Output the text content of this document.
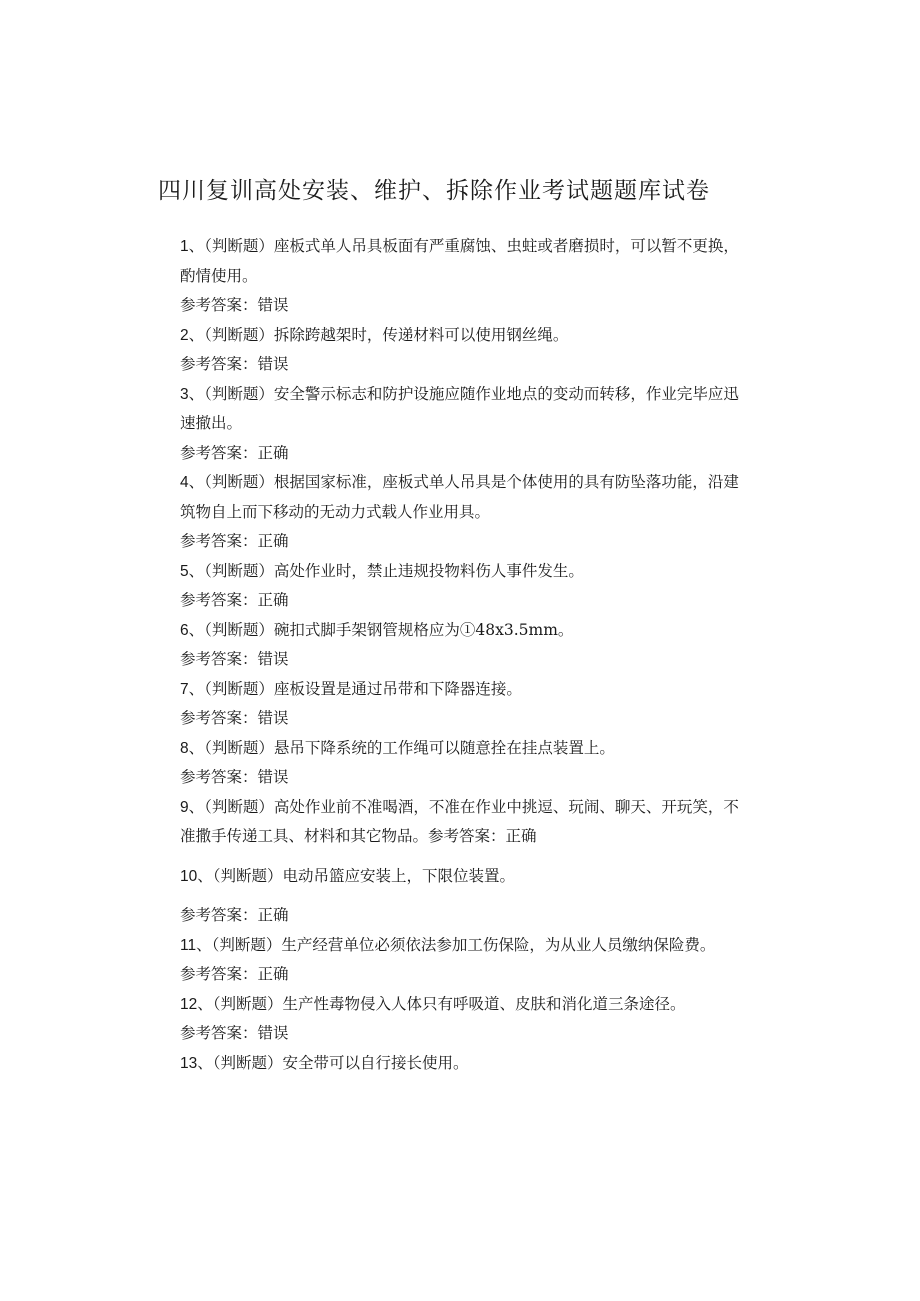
四川复训高处安装、维护、拆除作业考试题题库试卷

1、（判断题）座板式单人吊具板面有严重腐蚀、虫蛀或者磨损时，可以暂不更换，酌情使用。

参考答案：错误

2、（判断题）拆除跨越架时，传递材料可以使用钢丝绳。

参考答案：错误

3、（判断题）安全警示标志和防护设施应随作业地点的变动而转移，作业完毕应迅速撤出。

参考答案：正确

4、（判断题）根据国家标准，座板式单人吊具是个体使用的具有防坠落功能，沿建筑物自上而下移动的无动力式载人作业用具。

参考答案：正确

5、（判断题）高处作业时，禁止违规投物料伤人事件发生。

参考答案：正确

6、（判断题）碗扣式脚手架钢管规格应为①48x3.5mm。

参考答案：错误

7、（判断题）座板设置是通过吊带和下降器连接。

参考答案：错误

8、（判断题）悬吊下降系统的工作绳可以随意拴在挂点装置上。

参考答案：错误

9、（判断题）高处作业前不准喝酒，不准在作业中挑逗、玩闹、聊天、开玩笑，不准撒手传递工具、材料和其它物品。参考答案：正确

10、（判断题）电动吊篮应安装上，下限位装置。

参考答案：正确

11、（判断题）生产经营单位必须依法参加工伤保险，为从业人员缴纳保险费。

参考答案：正确

12、（判断题）生产性毒物侵入人体只有呼吸道、皮肤和消化道三条途径。

参考答案：错误

13、（判断题）安全带可以自行接长使用。
